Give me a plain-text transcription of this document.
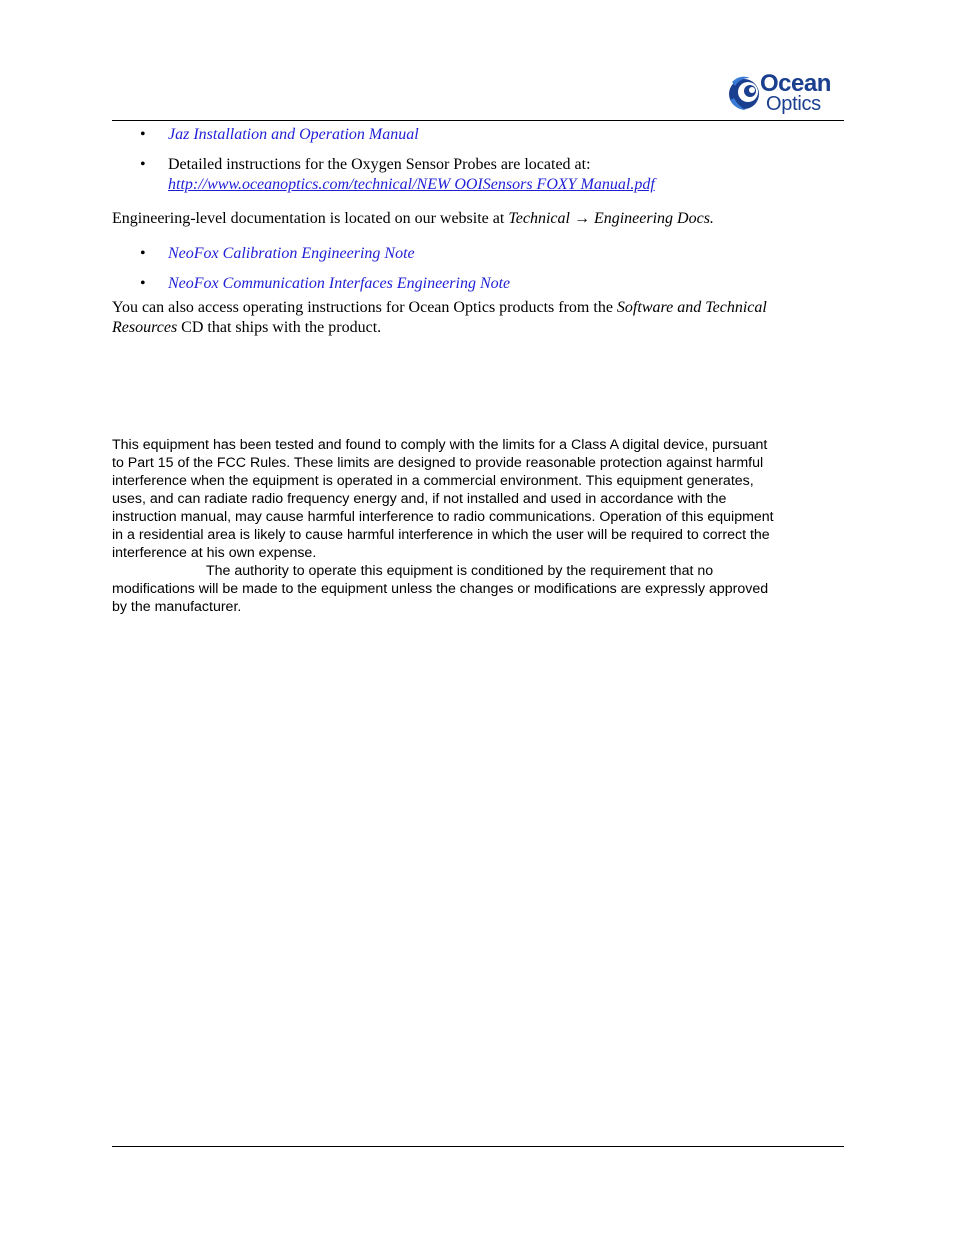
Ocean
Optics
• Jaz Installation and Operation Manual
• Detailed instructions for the Oxygen Sensor Probes are located at:
http://www.oceanoptics.com/technical/NEW OOISensors FOXY Manual.pdf
Engineering-level documentation is located on our website at Technical → Engineering Docs.
• NeoFox Calibration Engineering Note
• NeoFox Communication Interfaces Engineering Note
You can also access operating instructions for Ocean Optics products from the Software and Technical
Resources CD that ships with the product.
This equipment has been tested and found to comply with the limits for a Class A digital device, pursuant
to Part 15 of the FCC Rules. These limits are designed to provide reasonable protection against harmful
interference when the equipment is operated in a commercial environment. This equipment generates,
uses, and can radiate radio frequency energy and, if not installed and used in accordance with the
instruction manual, may cause harmful interference to radio communications. Operation of this equipment
in a residential area is likely to cause harmful interference in which the user will be required to correct the
interference at his own expense.
The authority to operate this equipment is conditioned by the requirement that no
modifications will be made to the equipment unless the changes or modifications are expressly approved
by the manufacturer.
